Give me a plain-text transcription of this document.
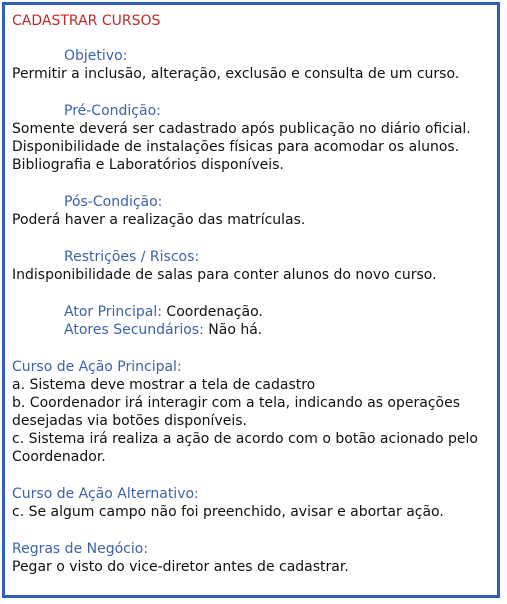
CADASTRAR CURSOS
Objetivo:
Permitir a inclusão, alteração, exclusão e consulta de um curso.
Pré-Condição:
Somente deverá ser cadastrado após publicação no diário oficial.
Disponibilidade de instalações físicas para acomodar os alunos.
Bibliografia e Laboratórios disponíveis.
Pós-Condição:
Poderá haver a realização das matrículas.
Restrições / Riscos:
Indisponibilidade de salas para conter alunos do novo curso.
Ator Principal: Coordenação.
Atores Secundários: Não há.
Curso de Ação Principal:
a. Sistema deve mostrar a tela de cadastro
b. Coordenador irá interagir com a tela, indicando as operações desejadas via botões disponíveis.
c. Sistema irá realiza a ação de acordo com o botão acionado pelo Coordenador.
Curso de Ação Alternativo:
c. Se algum campo não foi preenchido, avisar e abortar ação.
Regras de Negócio:
Pegar o visto do vice-diretor antes de cadastrar.
